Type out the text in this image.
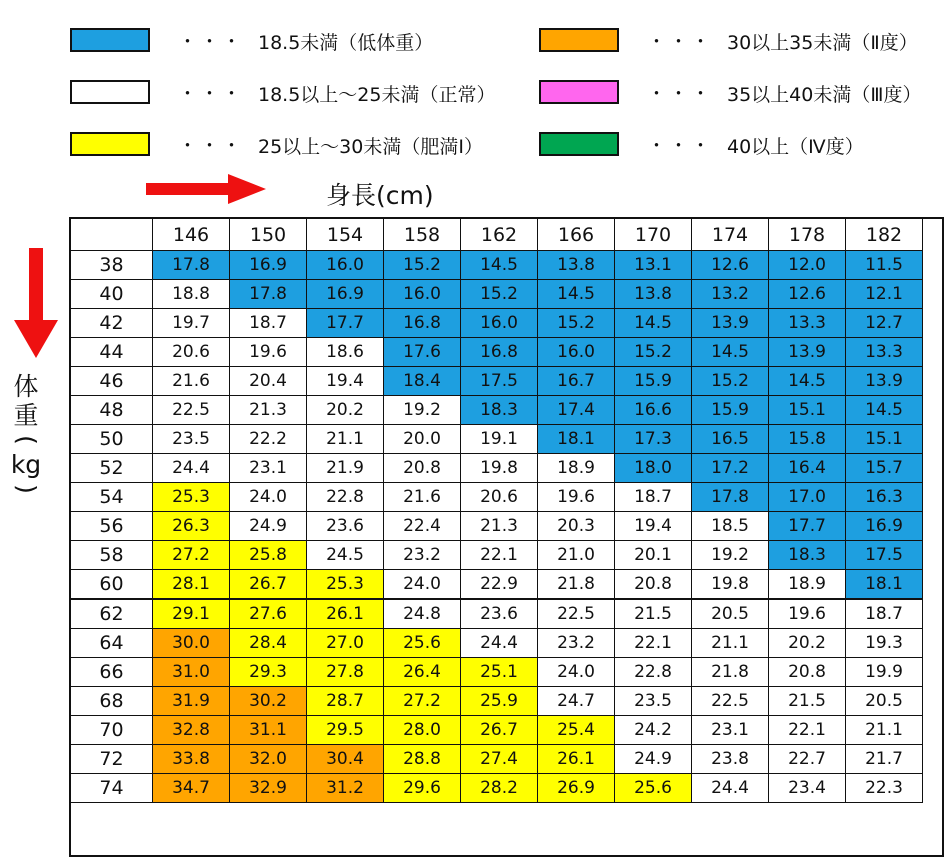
・・・ 18.5未満（低体重）
・・・ 18.5以上～25未満（正常）
・・・ 25以上～30未満（肥満Ⅰ）
・・・ 30以上35未満（Ⅱ度）
・・・ 35以上40未満（Ⅲ度）
・・・ 40以上（Ⅳ度）
身長(cm)
体
重
(
kg
)
	146	150	154	158	162	166	170	174	178	182
38	17.8	16.9	16.0	15.2	14.5	13.8	13.1	12.6	12.0	11.5
40	18.8	17.8	16.9	16.0	15.2	14.5	13.8	13.2	12.6	12.1
42	19.7	18.7	17.7	16.8	16.0	15.2	14.5	13.9	13.3	12.7
44	20.6	19.6	18.6	17.6	16.8	16.0	15.2	14.5	13.9	13.3
46	21.6	20.4	19.4	18.4	17.5	16.7	15.9	15.2	14.5	13.9
48	22.5	21.3	20.2	19.2	18.3	17.4	16.6	15.9	15.1	14.5
50	23.5	22.2	21.1	20.0	19.1	18.1	17.3	16.5	15.8	15.1
52	24.4	23.1	21.9	20.8	19.8	18.9	18.0	17.2	16.4	15.7
54	25.3	24.0	22.8	21.6	20.6	19.6	18.7	17.8	17.0	16.3
56	26.3	24.9	23.6	22.4	21.3	20.3	19.4	18.5	17.7	16.9
58	27.2	25.8	24.5	23.2	22.1	21.0	20.1	19.2	18.3	17.5
60	28.1	26.7	25.3	24.0	22.9	21.8	20.8	19.8	18.9	18.1
62	29.1	27.6	26.1	24.8	23.6	22.5	21.5	20.5	19.6	18.7
64	30.0	28.4	27.0	25.6	24.4	23.2	22.1	21.1	20.2	19.3
66	31.0	29.3	27.8	26.4	25.1	24.0	22.8	21.8	20.8	19.9
68	31.9	30.2	28.7	27.2	25.9	24.7	23.5	22.5	21.5	20.5
70	32.8	31.1	29.5	28.0	26.7	25.4	24.2	23.1	22.1	21.1
72	33.8	32.0	30.4	28.8	27.4	26.1	24.9	23.8	22.7	21.7
74	34.7	32.9	31.2	29.6	28.2	26.9	25.6	24.4	23.4	22.3
